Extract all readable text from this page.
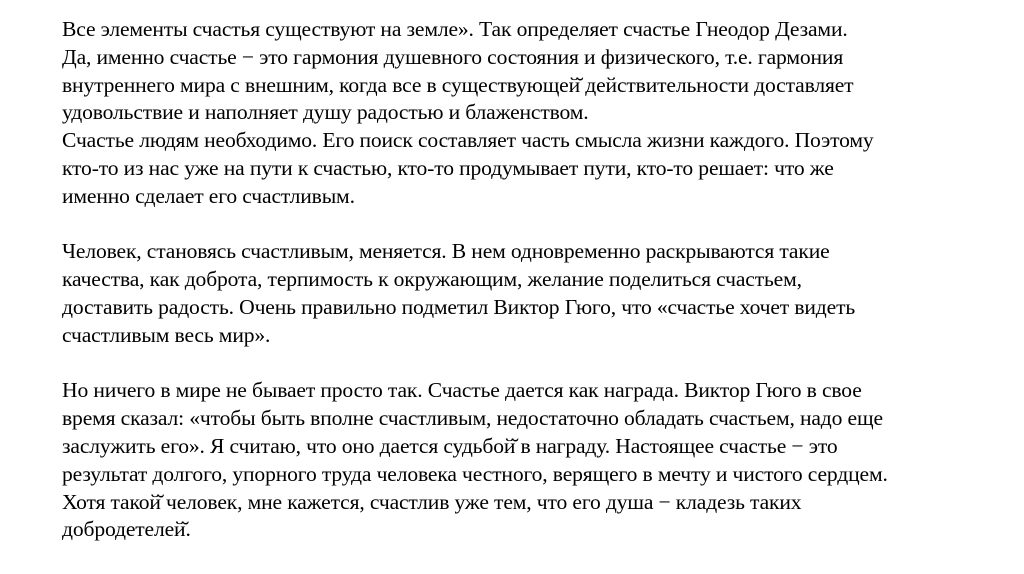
Все элементы счастья существуют на земле». Так определяет счастье Гнеодор Дезами.
Да, именно счастье − это гармония душевного состояния и физического, т.е. гармония
внутреннего мира с внешним, когда все в существующей̆ действительности доставляет
удовольствие и наполняет душу радостью и блаженством.
Счастье людям необходимо. Его поиск составляет часть смысла жизни каждого. Поэтому
кто-то из нас уже на пути к счастью, кто-то продумывает пути, кто-то решает: что же
именно сделает его счастливым.
Человек, становясь счастливым, меняется. В нем одновременно раскрываются такие
качества, как доброта, терпимость к окружающим, желание поделиться счастьем,
доставить радость. Очень правильно подметил Виктор Гюго, что «счастье хочет видеть
счастливым весь мир».
Но ничего в мире не бывает просто так. Счастье дается как награда. Виктор Гюго в свое
время сказал: «чтобы быть вполне счастливым, недостаточно обладать счастьем, надо еще
заслужить его». Я считаю, что оно дается судьбой̆ в награду. Настоящее счастье − это
результат долгого, упорного труда человека честного, верящего в мечту и чистого сердцем.
Хотя такой̆ человек, мне кажется, счастлив уже тем, что его душа − кладезь таких
добродетелей̆.
